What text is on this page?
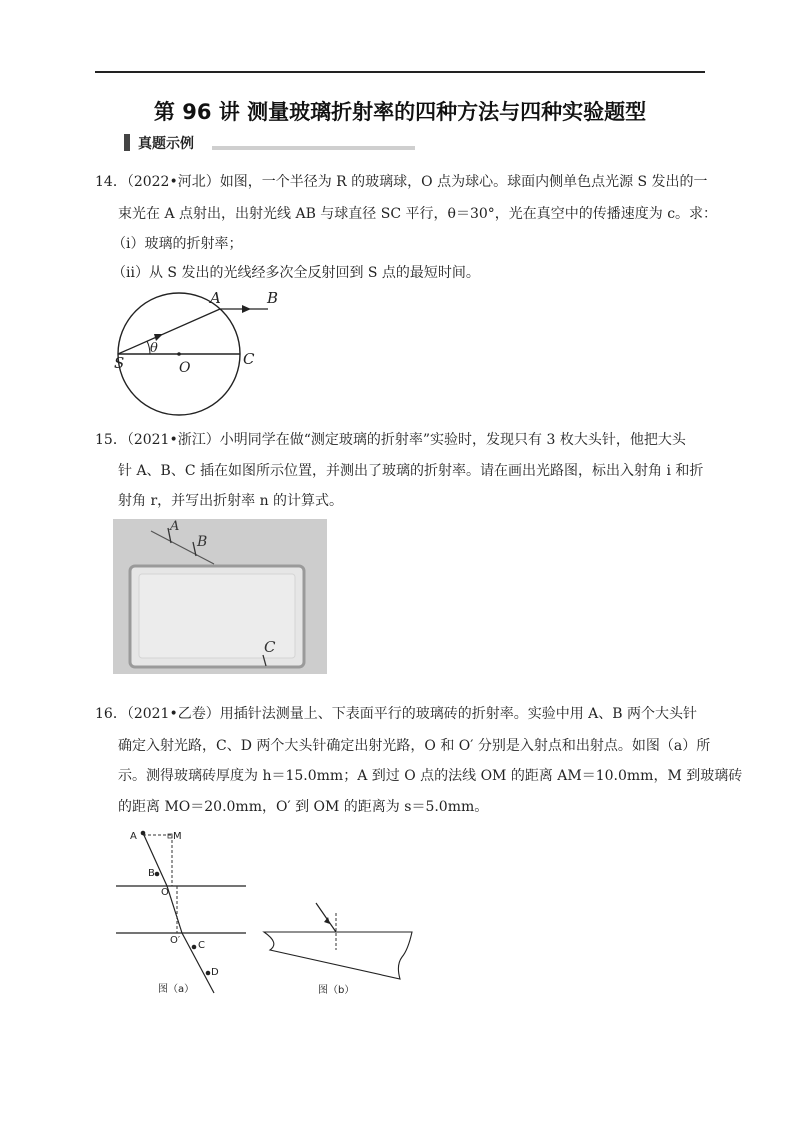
第 96 讲 测量玻璃折射率的四种方法与四种实验题型
真题示例
14．（2022•河北）如图，一个半径为 R 的玻璃球，O 点为球心。球面内侧单色点光源 S 发出的一
束光在 A 点射出，出射光线 AB 与球直径 SC 平行，θ＝30°，光在真空中的传播速度为 c。求：
（ⅰ）玻璃的折射率；
（ⅱ）从 S 发出的光线经多次全反射回到 S 点的最短时间。
S
A	B
C
O
θ
15．（2021•浙江）小明同学在做“测定玻璃的折射率”实验时，发现只有 3 枚大头针，他把大头
针 A、B、C 插在如图所示位置，并测出了玻璃的折射率。请在画出光路图，标出入射角 i 和折
射角 r，并写出折射率 n 的计算式。
A
B
C
16．（2021•乙卷）用插针法测量上、下表面平行的玻璃砖的折射率。实验中用 A、B 两个大头针
确定入射光路，C、D 两个大头针确定出射光路，O 和 O′ 分别是入射点和出射点。如图（a）所
示。测得玻璃砖厚度为 h＝15.0mm；A 到过 O 点的法线 OM 的距离 AM＝10.0mm，M 到玻璃砖
的距离 MO＝20.0mm，O′ 到 OM 的距离为 s＝5.0mm。
A	M
B
O
O′ C
D
图（a）	图（b）
